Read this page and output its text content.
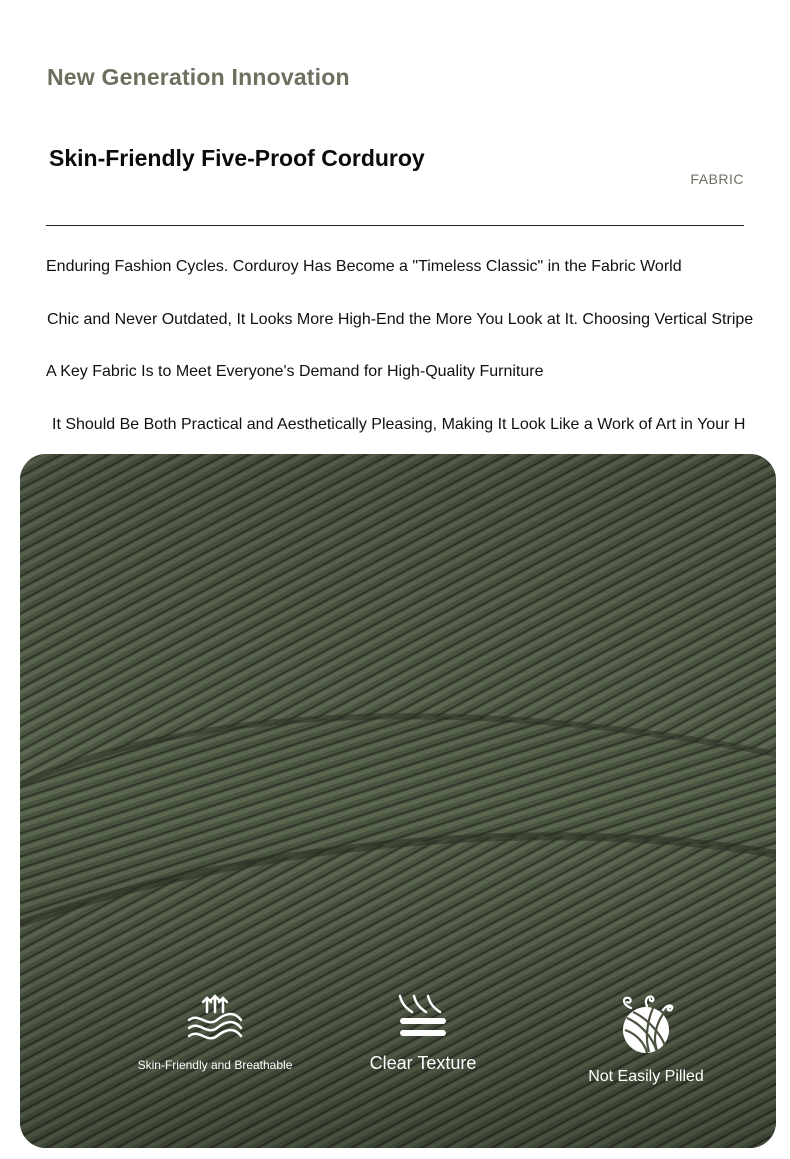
New Generation Innovation
Skin-Friendly Five-Proof Corduroy
FABRIC
Enduring Fashion Cycles. Corduroy Has Become a "Timeless Classic" in the Fabric World
Chic and Never Outdated, It Looks More High-End the More You Look at It. Choosing Vertical Stripe
A Key Fabric Is to Meet Everyone's Demand for High-Quality Furniture
It Should Be Both Practical and Aesthetically Pleasing, Making It Look Like a Work of Art in Your H
Skin-Friendly and Breathable	Clear Texture
Not Easily Pilled
